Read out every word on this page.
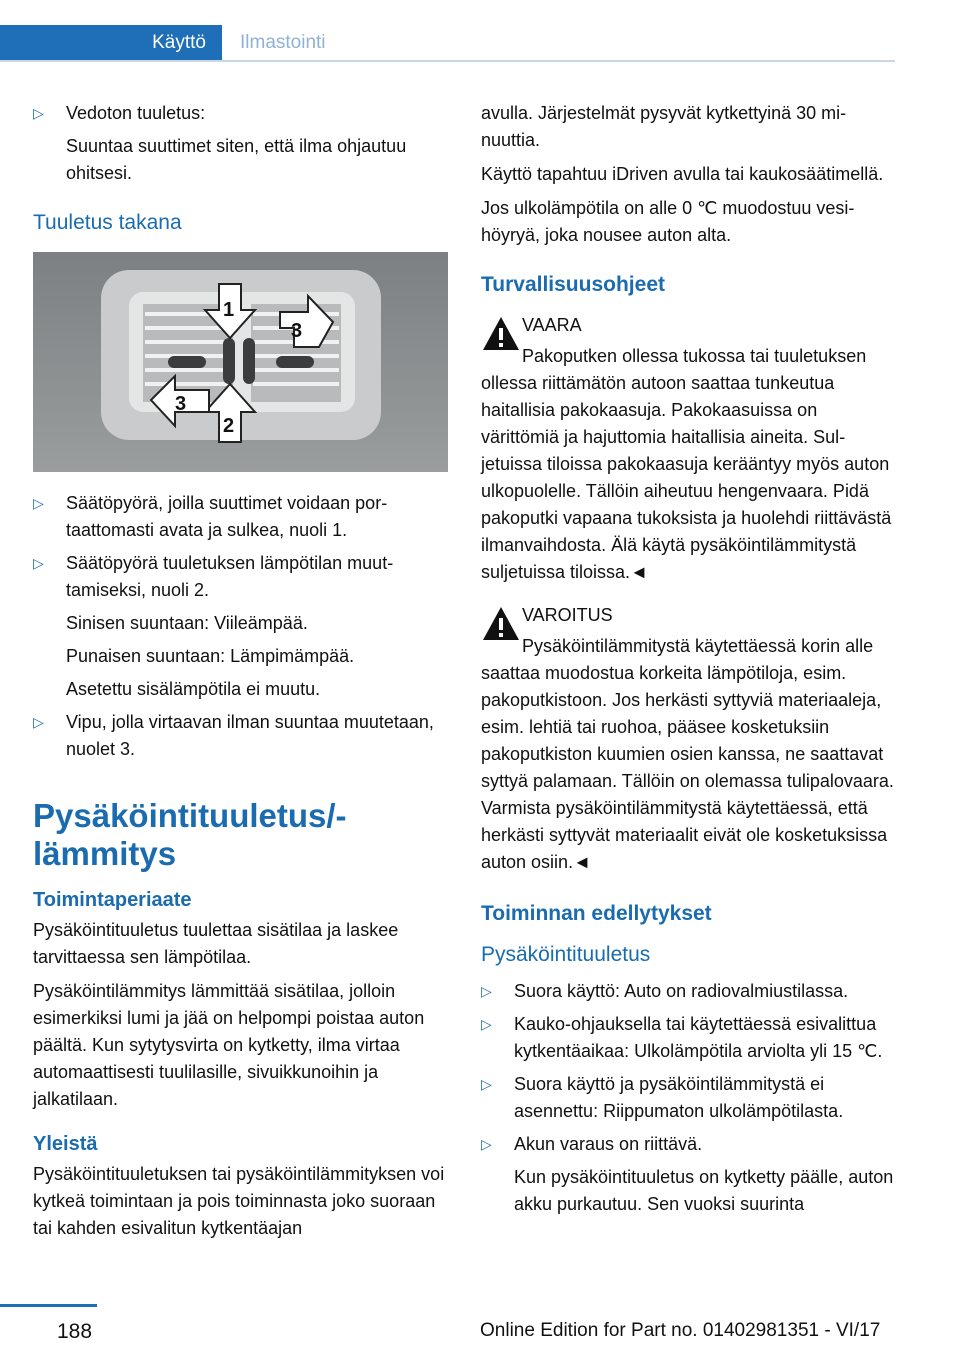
Käyttö Ilmastointi
▷ Vedoton tuuletus:

Suuntaa suuttimet siten, että ilma ohjautuu ohitsesi.

Tuuletus takana
1
2
3
3
▷ Säätöpyörä, joilla suuttimet voidaan portaattomasti avata ja sulkea, nuoli 1.

▷ Säätöpyörä tuuletuksen lämpötilan muuttamiseksi, nuoli 2.

Sinisen suuntaan: Viileämpää.

Punaisen suuntaan: Lämpimämpää.

Asetettu sisälämpötila ei muutu.

▷ Vipu, jolla virtaavan ilman suuntaa muutetaan, nuolet 3.

Pysäköintituuletus/-lämmitys
Toimintaperiaate

Pysäköintituuletus tuulettaa sisätilaa ja laskee tarvittaessa sen lämpötilaa.

Pysäköintilämmitys lämmittää sisätilaa, jolloin esimerkiksi lumi ja jää on helpompi poistaa auton päältä. Kun sytytysvirta on kytketty, ilma virtaa automaattisesti tuulilasille, sivuikkunoihin ja jalkatilaan.

Yleistä

Pysäköintituuletuksen tai pysäköintilämmityksen voi kytkeä toimintaan ja pois toiminnasta joko suoraan tai kahden esivalitun kytkentäajan

avulla. Järjestelmät pysyvät kytkettyinä 30 minuuttia.

Käyttö tapahtuu iDriven avulla tai kaukosäätimellä.

Jos ulkolämpötila on alle 0 ℃ muodostuu vesihöyryä, joka nousee auton alta.

Turvallisuusohjeet
VAARA
Pakoputken ollessa tukossa tai tuuletuksen ollessa riittämätön autoon saattaa tunkeutua haitallisia pakokaasuja. Pakokaasuissa on värittömiä ja hajuttomia haitallisia aineita. Suljetuissa tiloissa pakokaasuja kerääntyy myös auton ulkopuolelle. Tällöin aiheutuu hengenvaara. Pidä pakoputki vapaana tukoksista ja huolehdi riittävästä ilmanvaihdosta. Älä käytä pysäköintilämmitystä suljetuissa tiloissa.◄
VAROITUS
Pysäköintilämmitystä käytettäessä korin alle saattaa muodostua korkeita lämpötiloja, esim. pakoputkistoon. Jos herkästi syttyviä materiaaleja, esim. lehtiä tai ruohoa, pääsee kosketuksiin pakoputkiston kuumien osien kanssa, ne saattavat syttyä palamaan. Tällöin on olemassa tulipalovaara. Varmista pysäköintilämmitystä käytettäessä, että herkästi syttyvät materiaalit eivät ole kosketuksissa auton osiin.◄
Toiminnan edellytykset
Pysäköintituuletus
▷ Suora käyttö: Auto on radiovalmiustilassa.

▷ Kauko-ohjauksella tai käytettäessä esivalittua kytkentäaikaa: Ulkolämpötila arviolta yli 15 ℃.

▷ Suora käyttö ja pysäköintilämmitystä ei asennettu: Riippumaton ulkolämpötilasta.

▷ Akun varaus on riittävä.

Kun pysäköintituuletus on kytketty päälle, auton akku purkautuu. Sen vuoksi suurinta

188	Online Edition for Part no. 01402981351 - VI/17
